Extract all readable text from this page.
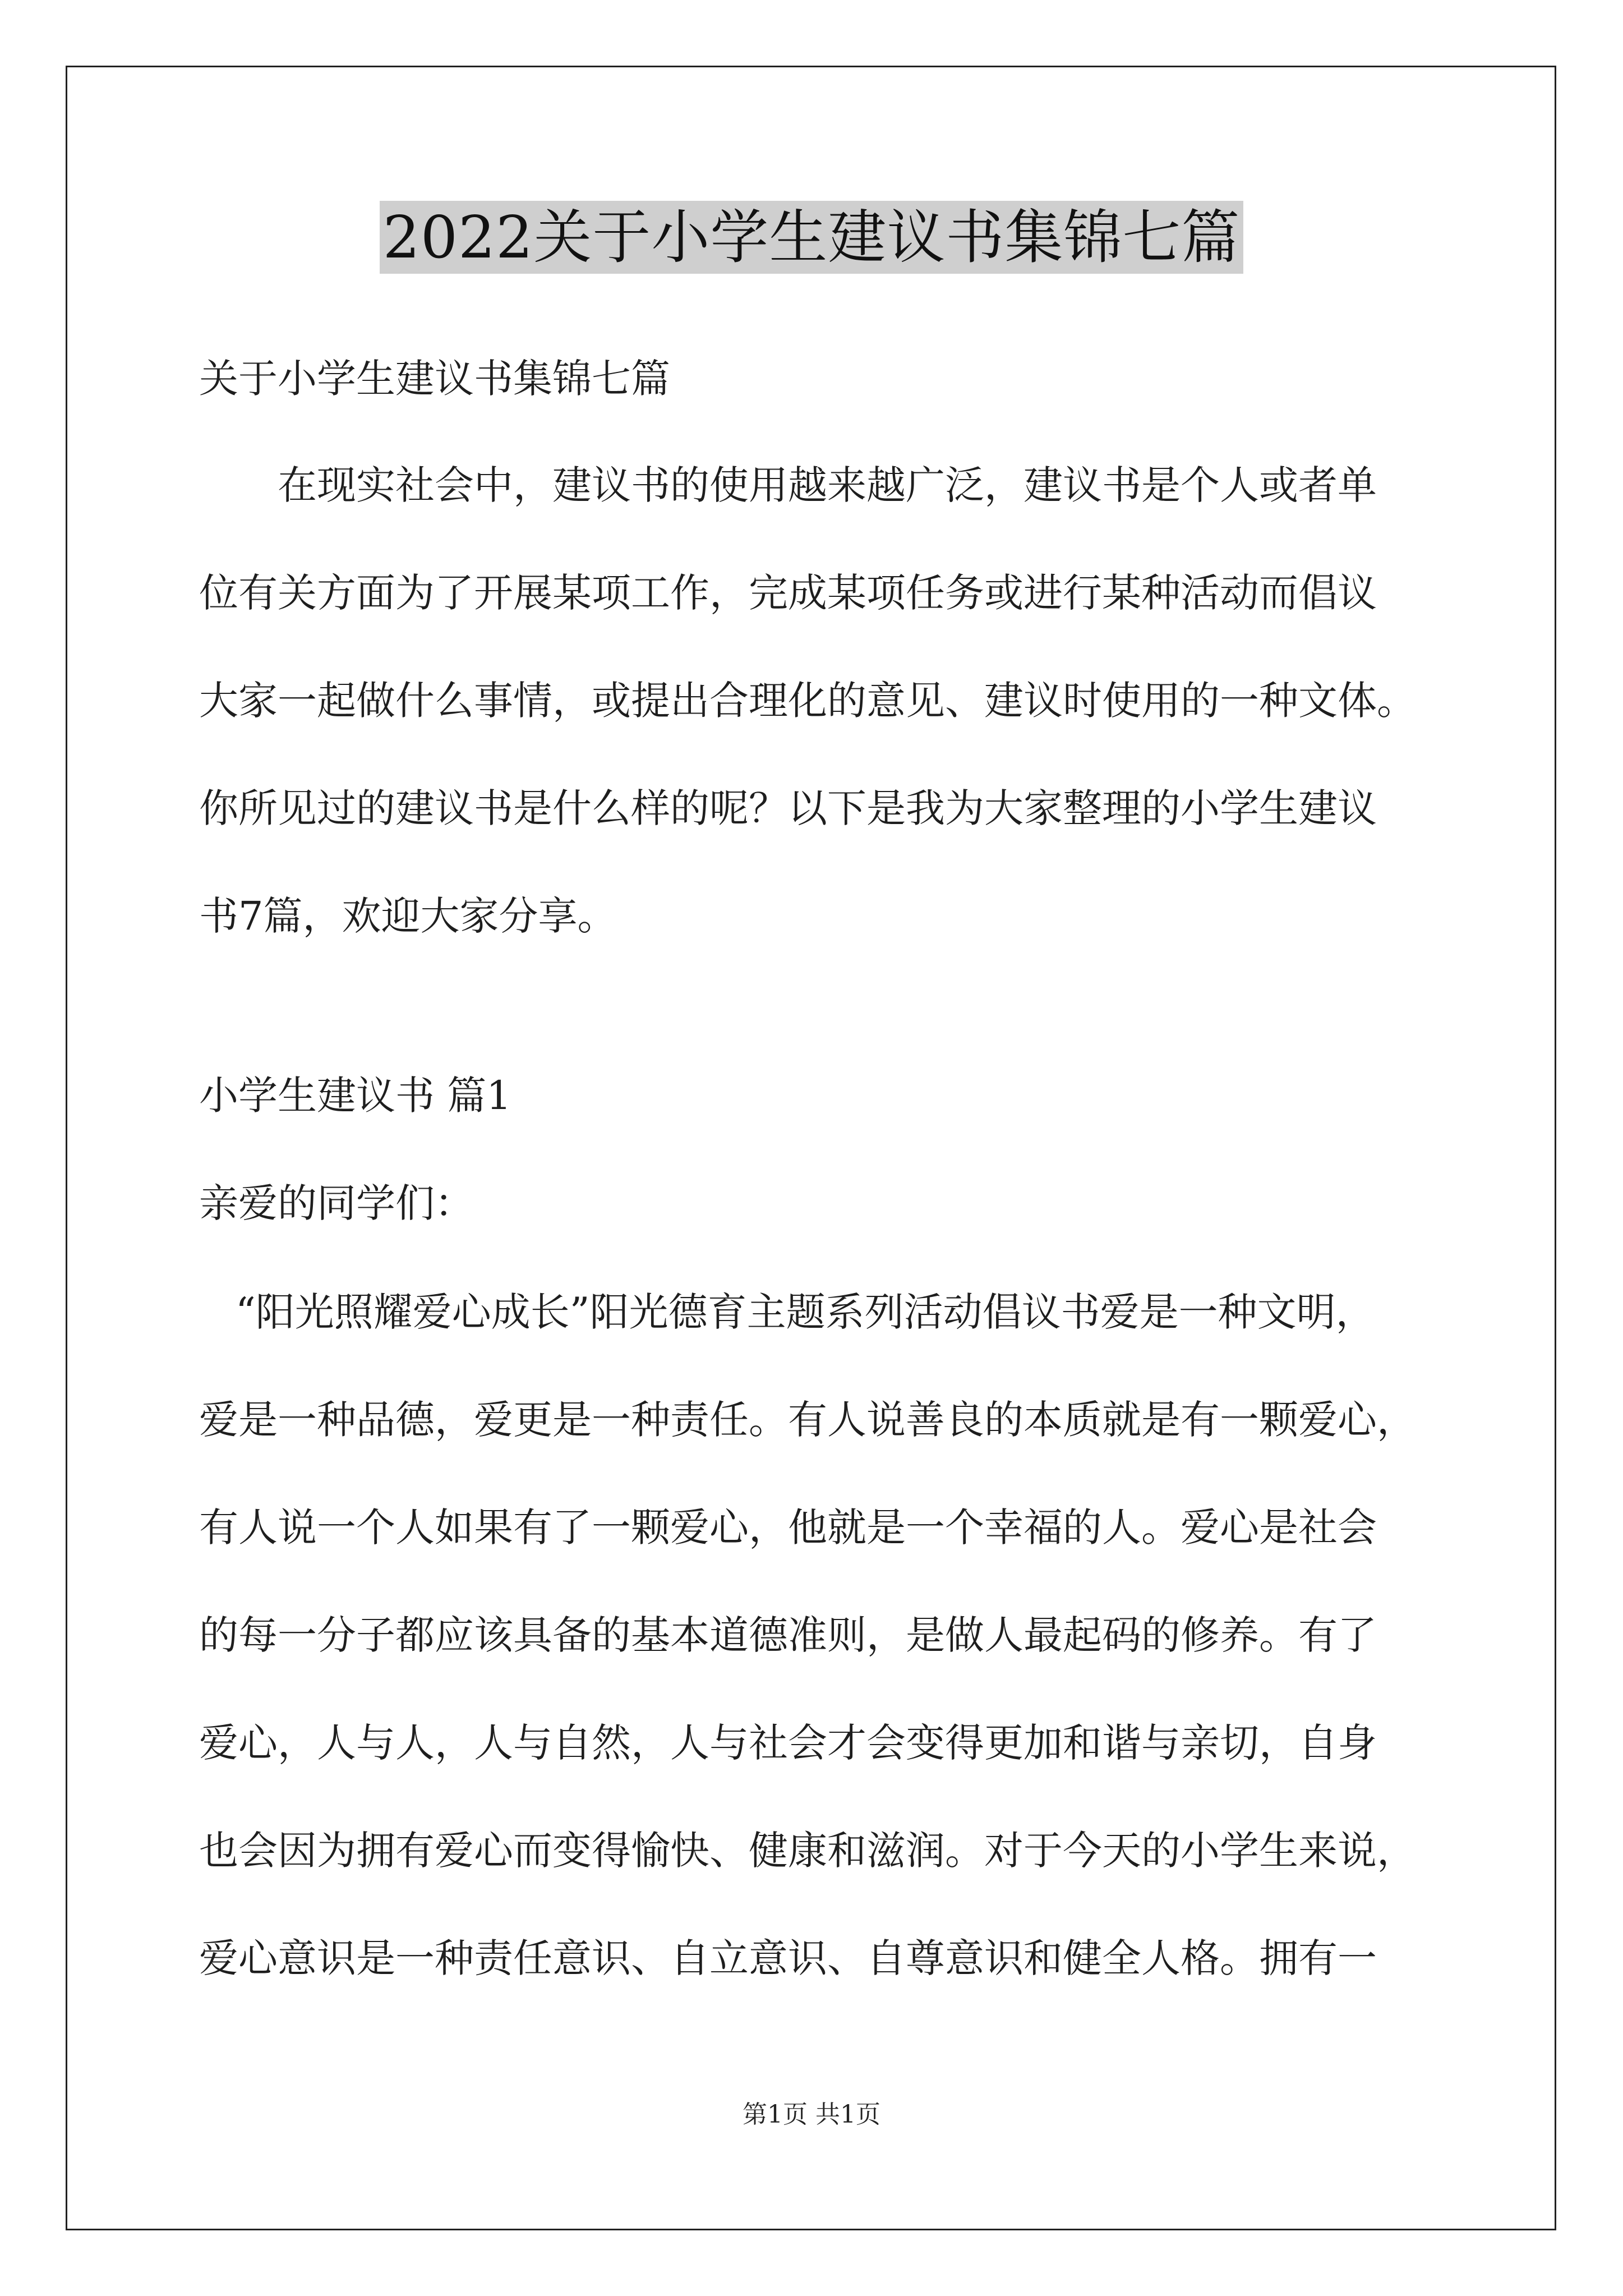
2022关于小学生建议书集锦七篇
关于小学生建议书集锦七篇
在现实社会中，建议书的使用越来越广泛，建议书是个人或者单
位有关方面为了开展某项工作，完成某项任务或进行某种活动而倡议
大家一起做什么事情，或提出合理化的意见、建议时使用的一种文体。
你所见过的建议书是什么样的呢？以下是我为大家整理的小学生建议
书7篇，欢迎大家分享。
小学生建议书 篇1
亲爱的同学们：
“阳光照耀爱心成长”阳光德育主题系列活动倡议书爱是一种文明，
爱是一种品德，爱更是一种责任。有人说善良的本质就是有一颗爱心，
有人说一个人如果有了一颗爱心，他就是一个幸福的人。爱心是社会
的每一分子都应该具备的基本道德准则，是做人最起码的修养。有了
爱心，人与人，人与自然，人与社会才会变得更加和谐与亲切，自身
也会因为拥有爱心而变得愉快、健康和滋润。对于今天的小学生来说，
爱心意识是一种责任意识、自立意识、自尊意识和健全人格。拥有一
第1页 共1页
